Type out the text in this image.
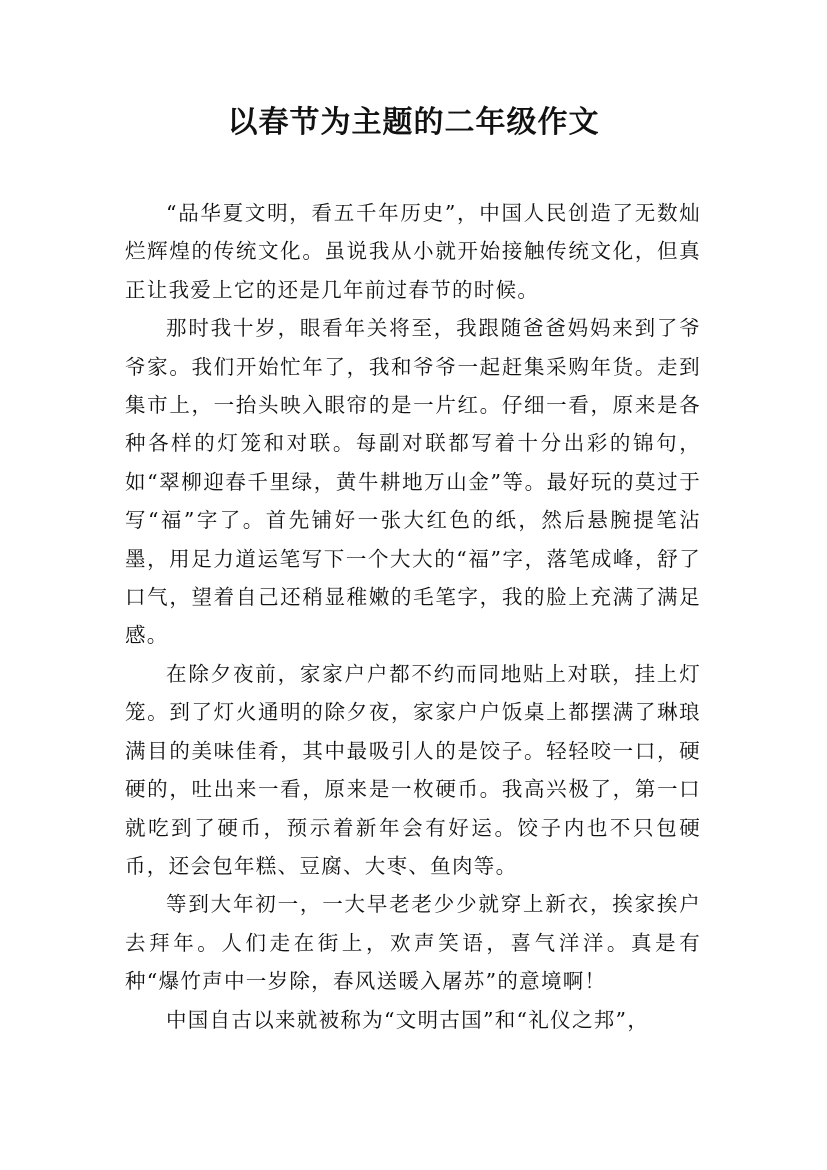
以春节为主题的二年级作文

“品华夏文明，看五千年历史”，中国人民创造了无数灿烂辉煌的传统文化。虽说我从小就开始接触传统文化，但真正让我爱上它的还是几年前过春节的时候。

那时我十岁，眼看年关将至，我跟随爸爸妈妈来到了爷爷家。我们开始忙年了，我和爷爷一起赶集采购年货。走到集市上，一抬头映入眼帘的是一片红。仔细一看，原来是各种各样的灯笼和对联。每副对联都写着十分出彩的锦句，如“翠柳迎春千里绿，黄牛耕地万山金”等。最好玩的莫过于写“福”字了。首先铺好一张大红色的纸，然后悬腕提笔沾墨，用足力道运笔写下一个大大的“福”字，落笔成峰，舒了口气，望着自己还稍显稚嫩的毛笔字，我的脸上充满了满足感。

在除夕夜前，家家户户都不约而同地贴上对联，挂上灯笼。到了灯火通明的除夕夜，家家户户饭桌上都摆满了琳琅满目的美味佳肴，其中最吸引人的是饺子。轻轻咬一口，硬硬的，吐出来一看，原来是一枚硬币。我高兴极了，第一口就吃到了硬币，预示着新年会有好运。饺子内也不只包硬币，还会包年糕、豆腐、大枣、鱼肉等。

等到大年初一，一大早老老少少就穿上新衣，挨家挨户去拜年。人们走在街上，欢声笑语，喜气洋洋。真是有种“爆竹声中一岁除，春风送暖入屠苏”的意境啊！

中国自古以来就被称为“文明古国”和“礼仪之邦”，
